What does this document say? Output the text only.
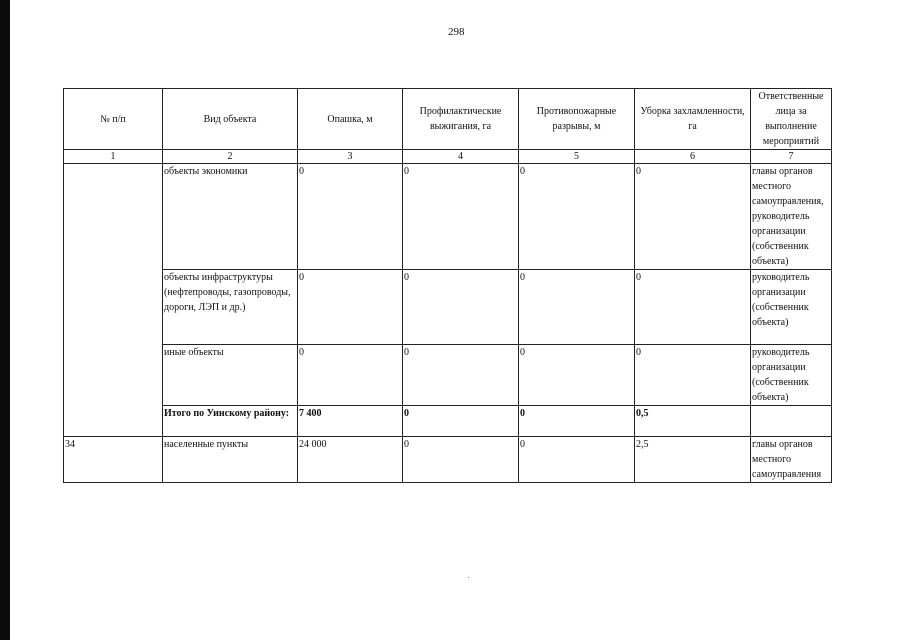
298
№ п/п	Вид объекта	Опашка, м	Профилактические выжигания, га	Противопожарные разрывы, м	Уборка захламленности, га	Ответственные лица за выполнение мероприятий
1	2	3	4	5	6	7
	объекты экономики	0	0	0	0	главы органов местного самоуправления, руководитель организации (собственник объекта)
	объекты инфраструктуры (нефтепроводы, газопроводы, дороги, ЛЭП и др.)	0	0	0	0	руководитель организации (собственник объекта)
	иные объекты	0	0	0	0	руководитель организации (собственник объекта)
	Итого по Уинскому району:	7 400	0	0	0,5	
34	населенные пункты	24 000	0	0	2,5	главы органов местного самоуправления
